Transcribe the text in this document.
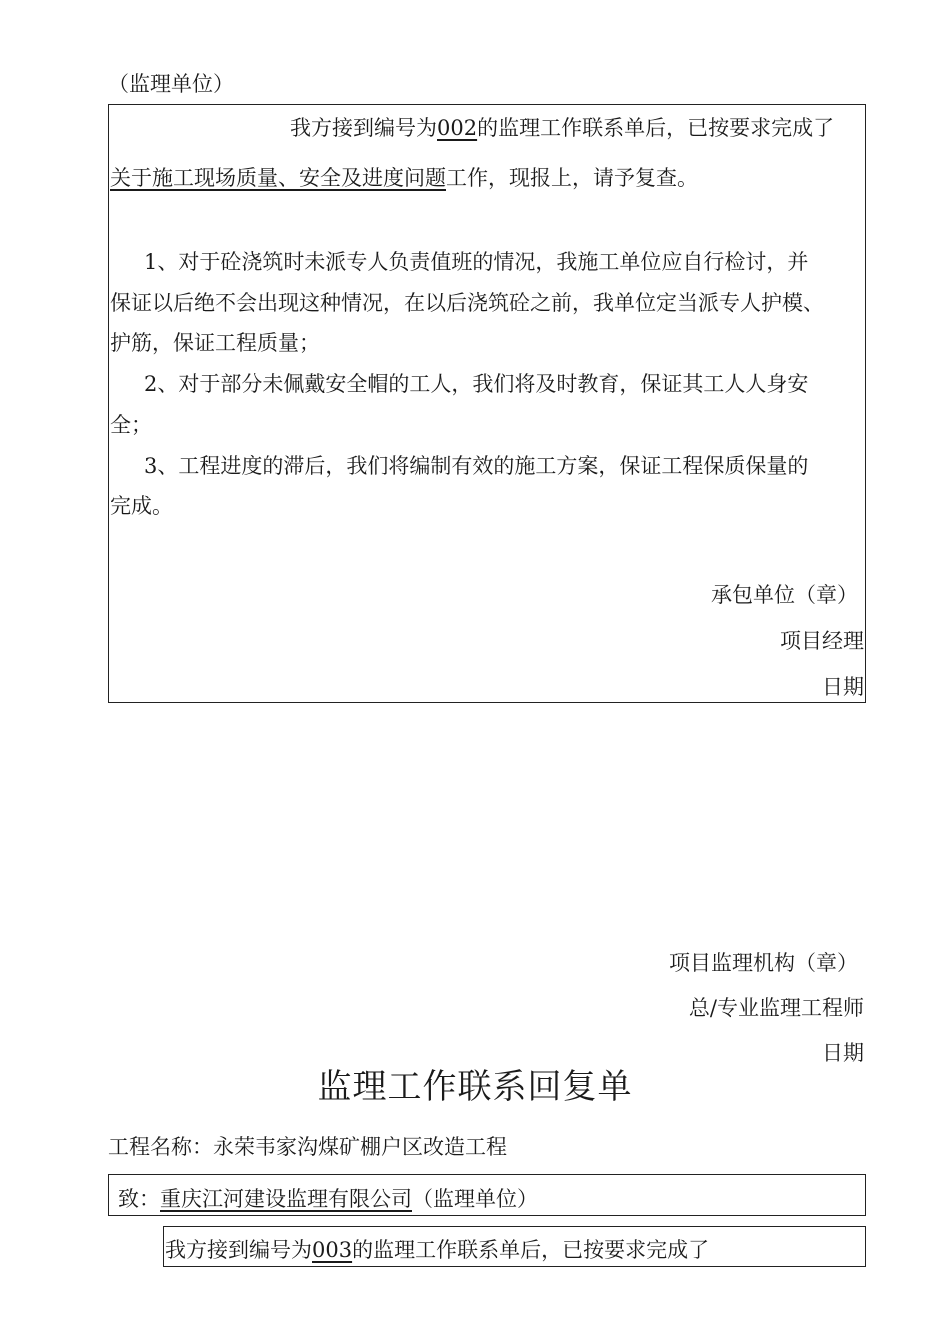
（监理单位）
我方接到编号为002的监理工作联系单后，已按要求完成了
关于施工现场质量、安全及进度问题工作，现报上，请予复查。
1、对于砼浇筑时未派专人负责值班的情况，我施工单位应自行检讨，并
保证以后绝不会出现这种情况，在以后浇筑砼之前，我单位定当派专人护模、
护筋，保证工程质量；
2、对于部分未佩戴安全帽的工人，我们将及时教育，保证其工人人身安
全；
3、工程进度的滞后，我们将编制有效的施工方案，保证工程保质保量的
完成。
承包单位（章）
项目经理
日期
项目监理机构（章）
总/专业监理工程师
日期
监理工作联系回复单
工程名称：永荣韦家沟煤矿棚户区改造工程
致：重庆江河建设监理有限公司（监理单位）
我方接到编号为003的监理工作联系单后，已按要求完成了
